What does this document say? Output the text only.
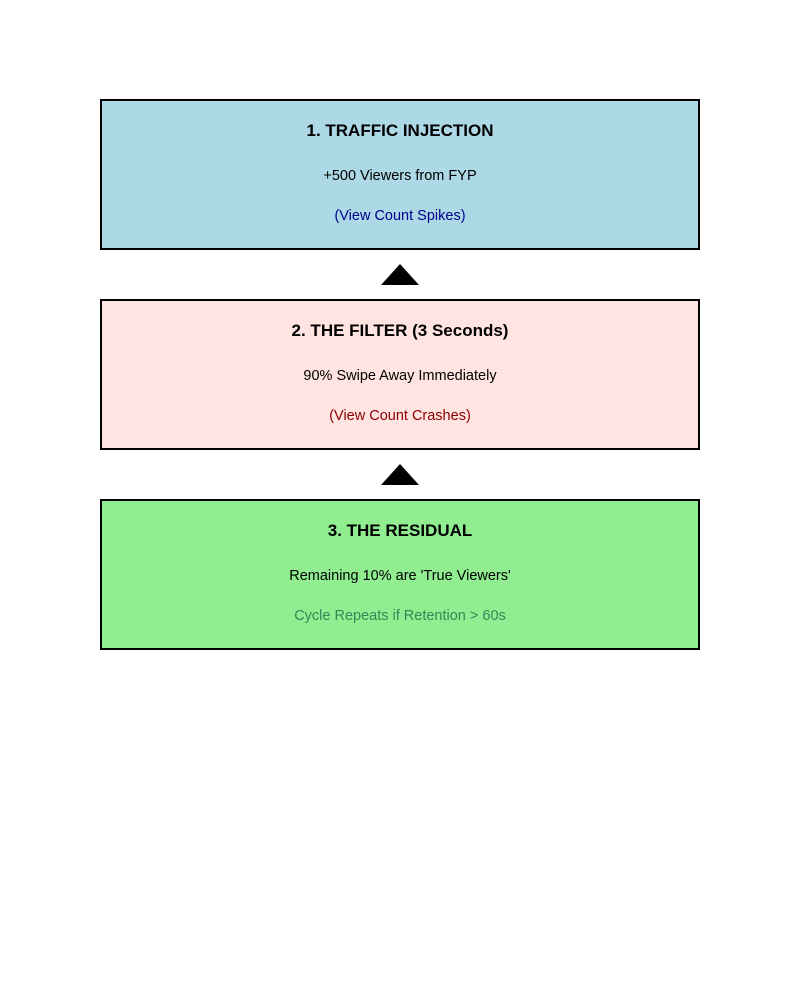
1. TRAFFIC INJECTION
+500 Viewers from FYP
(View Count Spikes)
2. THE FILTER (3 Seconds)
90% Swipe Away Immediately
(View Count Crashes)
3. THE RESIDUAL
Remaining 10% are 'True Viewers'
Cycle Repeats if Retention > 60s
